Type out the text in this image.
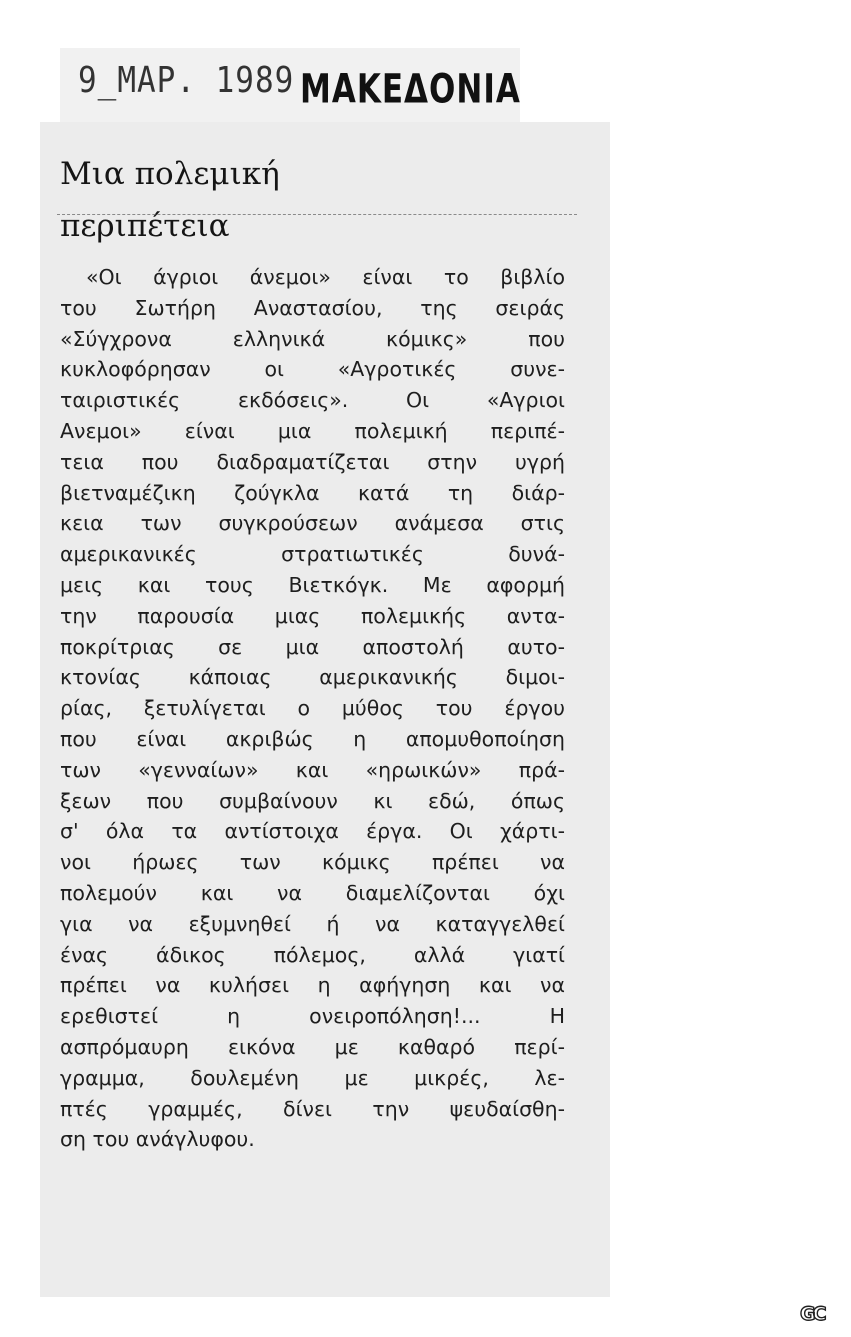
9_ΜΑΡ. 1989 ΜΑΚΕΔΟΝΙΑ
Μια πολεμική
περιπέτεια
«Οι άγριοι άνεμοι» είναι το βιβλίο
του Σωτήρη Αναστασίου, της σειράς
«Σύγχρονα ελληνικά κόμικς» που
κυκλοφόρησαν οι «Αγροτικές συνε-
ταιριστικές εκδόσεις». Οι «Αγριοι
Ανεμοι» είναι μια πολεμική περιπέ-
τεια που διαδραματίζεται στην υγρή
βιετναμέζικη ζούγκλα κατά τη διάρ-
κεια των συγκρούσεων ανάμεσα στις
αμερικανικές στρατιωτικές δυνά-
μεις και τους Βιετκόγκ. Με αφορμή
την παρουσία μιας πολεμικής αντα-
ποκρίτριας σε μια αποστολή αυτο-
κτονίας κάποιας αμερικανικής διμοι-
ρίας, ξετυλίγεται ο μύθος του έργου
που είναι ακριβώς η απομυθοποίηση
των «γενναίων» και «ηρωικών» πρά-
ξεων που συμβαίνουν κι εδώ, όπως
σ' όλα τα αντίστοιχα έργα. Οι χάρτι-
νοι ήρωες των κόμικς πρέπει να
πολεμούν και να διαμελίζονται όχι
για να εξυμνηθεί ή να καταγγελθεί
ένας άδικος πόλεμος, αλλά γιατί
πρέπει να κυλήσει η αφήγηση και να
ερεθιστεί η ονειροπόληση!... Η
ασπρόμαυρη εικόνα με καθαρό περί-
γραμμα, δουλεμένη με μικρές, λε-
πτές γραμμές, δίνει την ψευδαίσθη-
ση του ανάγλυφου.
GC
